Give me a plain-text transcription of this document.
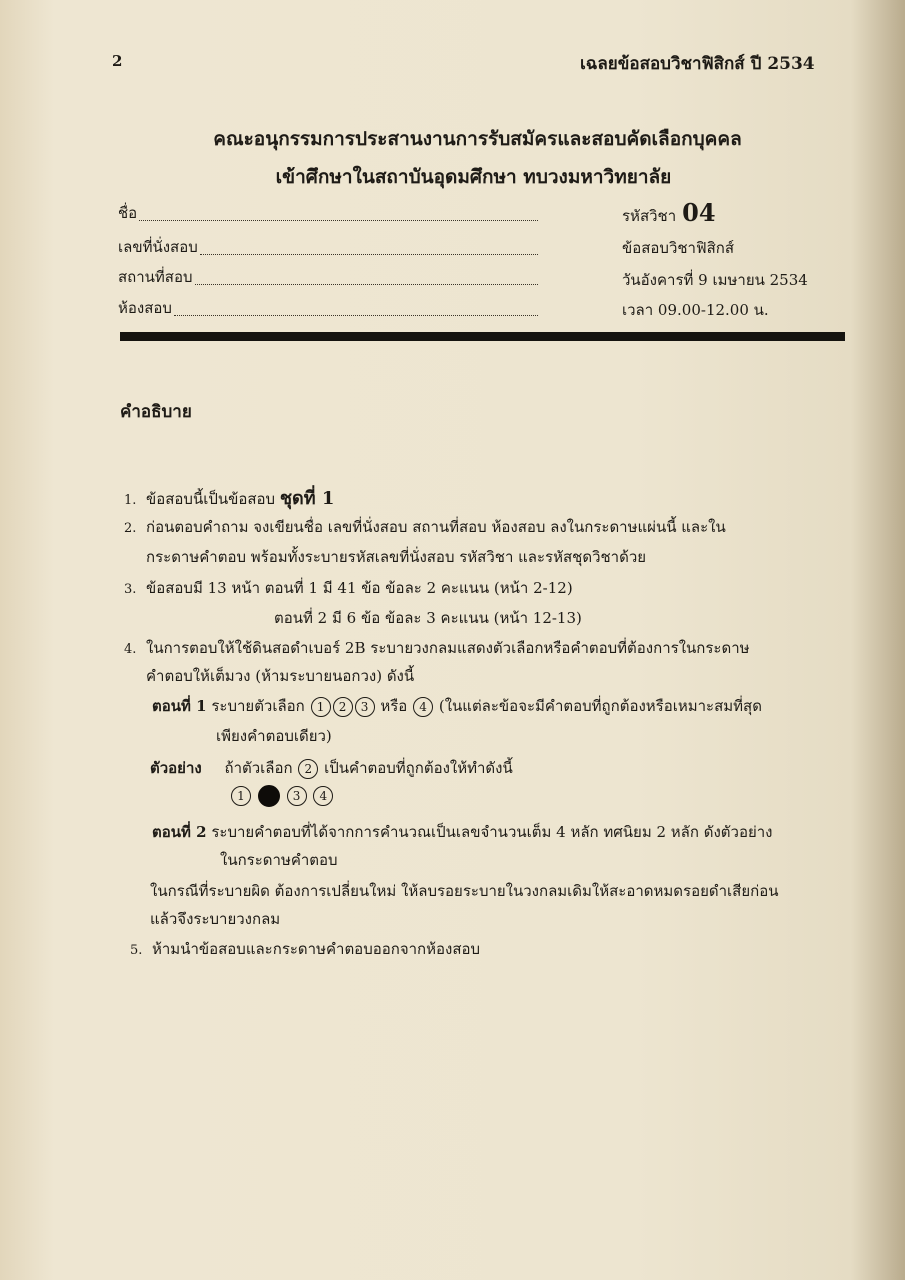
2	เฉลยข้อสอบวิชาฟิสิกส์ ปี 2534
คณะอนุกรรมการประสานงานการรับสมัครและสอบคัดเลือกบุคคล
เข้าศึกษาในสถาบันอุดมศึกษา ทบวงมหาวิทยาลัย
ชื่อ
เลขที่นั่งสอบ
สถานที่สอบ
ห้องสอบ
รหัสวิชา 04
ข้อสอบวิชาฟิสิกส์
วันอังคารที่ 9 เมษายน 2534
เวลา 09.00-12.00 น.
คำอธิบาย
1. ข้อสอบนี้เป็นข้อสอบ ชุดที่ 1
2. ก่อนตอบคำถาม จงเขียนชื่อ เลขที่นั่งสอบ สถานที่สอบ ห้องสอบ ลงในกระดาษแผ่นนี้ และใน
กระดาษคำตอบ พร้อมทั้งระบายรหัสเลขที่นั่งสอบ รหัสวิชา และรหัสชุดวิชาด้วย
3. ข้อสอบมี 13 หน้า ตอนที่ 1 มี 41 ข้อ ข้อละ 2 คะแนน (หน้า 2-12)
ตอนที่ 2 มี 6 ข้อ ข้อละ 3 คะแนน (หน้า 12-13)
4. ในการตอบให้ใช้ดินสอดำเบอร์ 2B ระบายวงกลมแสดงตัวเลือกหรือคำตอบที่ต้องการในกระดาษ
คำตอบให้เต็มวง (ห้ามระบายนอกวง) ดังนี้
ตอนที่ 1 ระบายตัวเลือก 1 2 3 หรือ 4 (ในแต่ละข้อจะมีคำตอบที่ถูกต้องหรือเหมาะสมที่สุด
เพียงคำตอบเดียว)
ตัวอย่าง ถ้าตัวเลือก 2 เป็นคำตอบที่ถูกต้องให้ทำดังนี้
1	3 4
ตอนที่ 2 ระบายคำตอบที่ได้จากการคำนวณเป็นเลขจำนวนเต็ม 4 หลัก ทศนิยม 2 หลัก ดังตัวอย่าง
ในกระดาษคำตอบ
ในกรณีที่ระบายผิด ต้องการเปลี่ยนใหม่ ให้ลบรอยระบายในวงกลมเดิมให้สะอาดหมดรอยดำเสียก่อน
แล้วจึงระบายวงกลม
5. ห้ามนำข้อสอบและกระดาษคำตอบออกจากห้องสอบ
